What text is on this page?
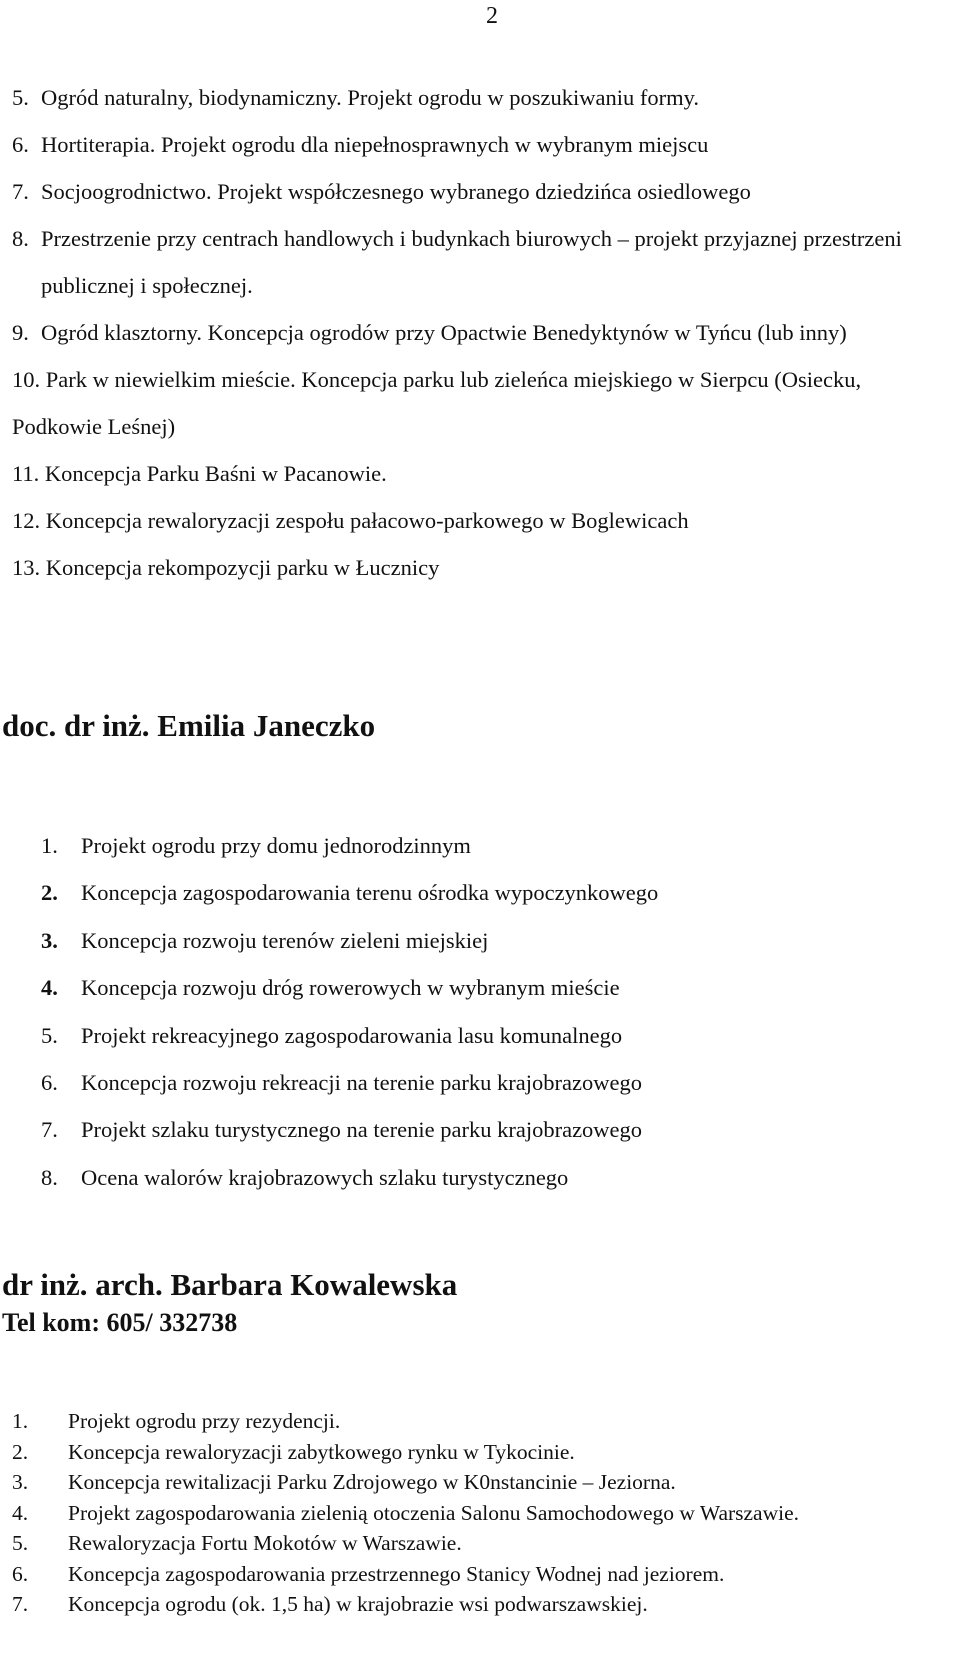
2
5. Ogród naturalny, biodynamiczny. Projekt ogrodu w poszukiwaniu formy.
6. Hortiterapia. Projekt ogrodu dla niepełnosprawnych w wybranym miejscu
7. Socjoogrodnictwo. Projekt współczesnego wybranego dziedzińca osiedlowego
8. Przestrzenie przy centrach handlowych i budynkach biurowych – projekt przyjaznej przestrzeni publicznej i społecznej.
9. Ogród klasztorny. Koncepcja ogrodów przy Opactwie Benedyktynów w Tyńcu (lub inny)
10. Park w niewielkim mieście. Koncepcja parku lub zieleńca miejskiego w Sierpcu (Osiecku, Podkowie Leśnej)
11. Koncepcja Parku Baśni w Pacanowie.
12. Koncepcja rewaloryzacji zespołu pałacowo-parkowego w Boglewicach
13. Koncepcja rekompozycji parku w Łucznicy
doc. dr inż. Emilia Janeczko
1.	Projekt ogrodu przy domu jednorodzinnym
2.	Koncepcja zagospodarowania terenu ośrodka wypoczynkowego
3.	Koncepcja rozwoju terenów zieleni miejskiej
4.	Koncepcja rozwoju dróg rowerowych w wybranym mieście
5.	Projekt rekreacyjnego zagospodarowania lasu komunalnego
6.	Koncepcja rozwoju rekreacji na terenie parku krajobrazowego
7.	Projekt szlaku turystycznego na terenie parku krajobrazowego
8.	Ocena walorów krajobrazowych szlaku turystycznego
dr inż. arch. Barbara Kowalewska
Tel kom: 605/ 332738
1.	Projekt ogrodu przy rezydencji.
2.	Koncepcja rewaloryzacji zabytkowego rynku w Tykocinie.
3.	Koncepcja rewitalizacji Parku Zdrojowego w K0nstancinie – Jeziorna.
4.	Projekt zagospodarowania zielenią otoczenia Salonu Samochodowego w Warszawie.
5.	Rewaloryzacja Fortu Mokotów w Warszawie.
6.	Koncepcja zagospodarowania przestrzennego Stanicy Wodnej nad jeziorem.
7.	Koncepcja ogrodu (ok. 1,5 ha) w krajobrazie wsi podwarszawskiej.
